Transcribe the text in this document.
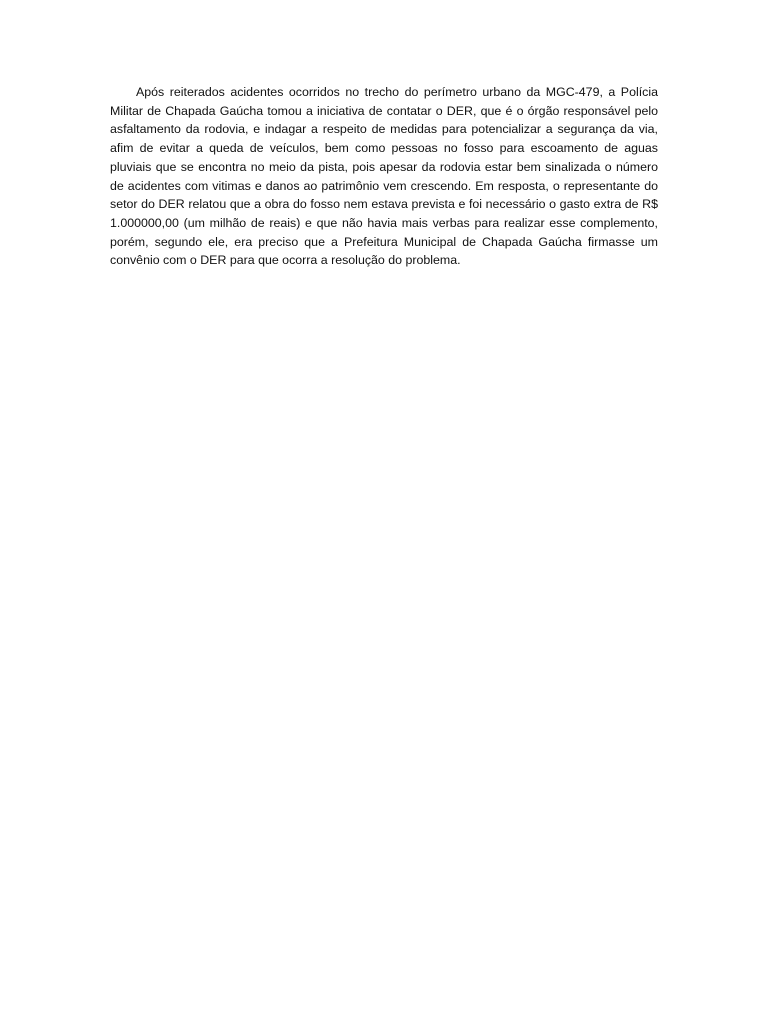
Após reiterados acidentes ocorridos no trecho do perímetro urbano da MGC-479, a Polícia Militar de Chapada Gaúcha tomou a iniciativa de contatar o DER, que é o órgão responsável pelo asfaltamento da rodovia, e indagar a respeito de medidas para potencializar a segurança da via, afim de evitar a queda de veículos, bem como pessoas no fosso para escoamento de aguas pluviais que se encontra no meio da pista, pois apesar da rodovia estar bem sinalizada o número de acidentes com vitimas e danos ao patrimônio vem crescendo. Em resposta, o representante do setor do DER relatou que a obra do fosso nem estava prevista e foi necessário o gasto extra de R$ 1.000000,00 (um milhão de reais) e que não havia mais verbas para realizar esse complemento, porém, segundo ele, era preciso que a Prefeitura Municipal de Chapada Gaúcha firmasse um convênio com o DER para que ocorra a resolução do problema.
